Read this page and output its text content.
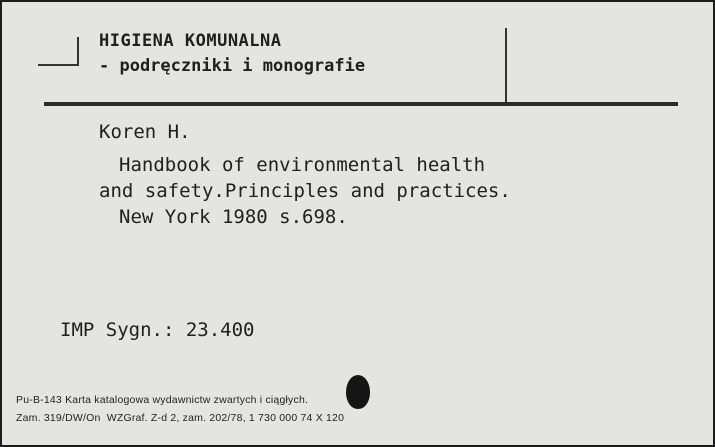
HIGIENA KOMUNALNA
- podręczniki i monografie
Koren H.
Handbook of environmental health
and safety.Principles and practices.
New York 1980 s.698.
IMP Sygn.: 23.400
Pu-B-143 Karta katalogowa wydawnictw zwartych i ciągłych.
Zam. 319/DW/On  WZGraf. Z-d 2, zam. 202/78, 1 730 000 74 X 120
